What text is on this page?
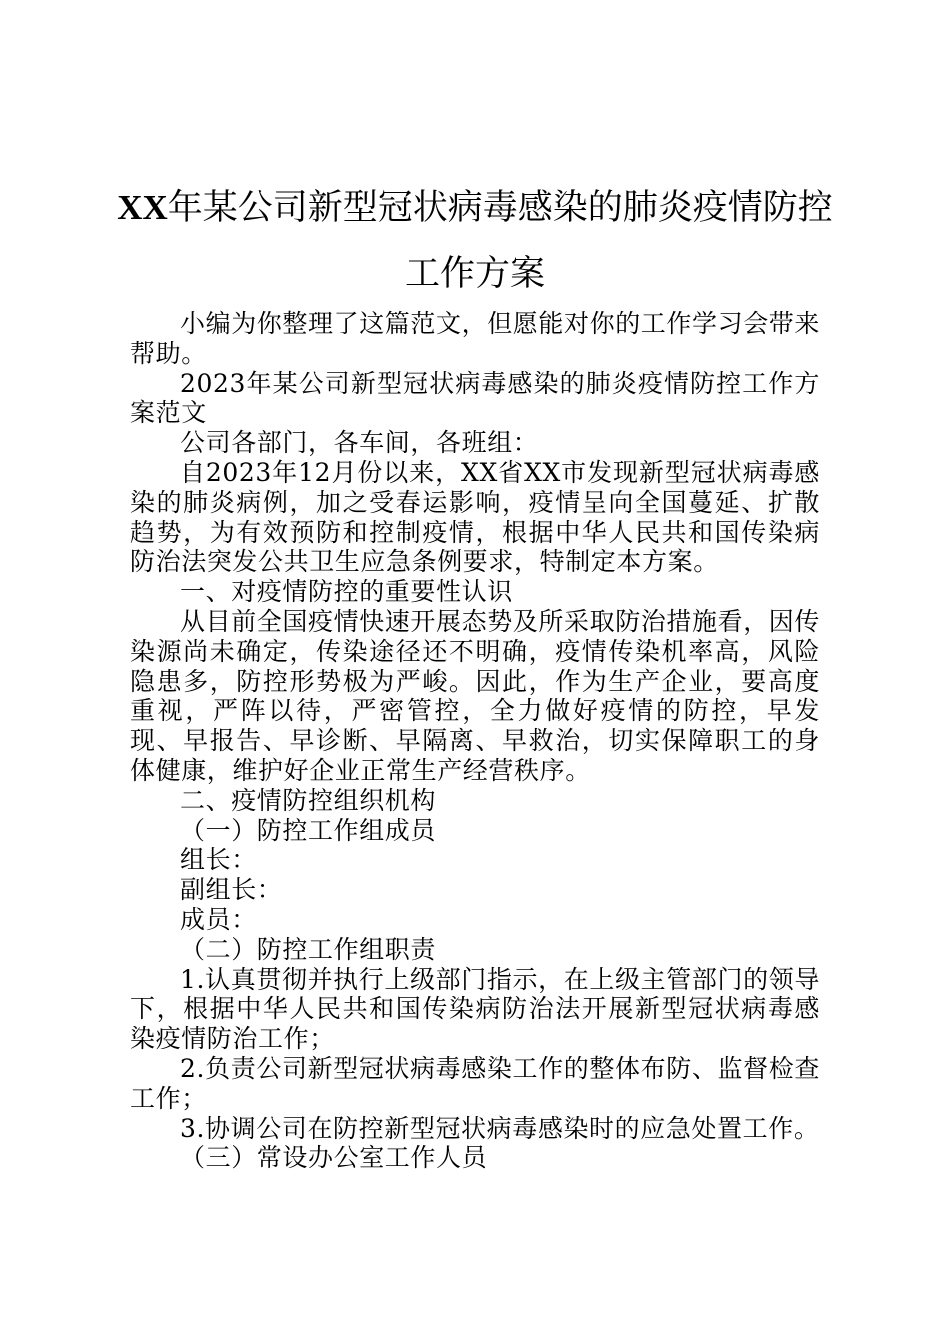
XX年某公司新型冠状病毒感染的肺炎疫情防控工作方案

小编为你整理了这篇范文，但愿能对你的工作学习会带来帮助。

2023年某公司新型冠状病毒感染的肺炎疫情防控工作方案范文

公司各部门，各车间，各班组：

自2023年12月份以来，XX省XX市发现新型冠状病毒感染的肺炎病例，加之受春运影响，疫情呈向全国蔓延、扩散趋势，为有效预防和控制疫情，根据中华人民共和国传染病防治法突发公共卫生应急条例要求，特制定本方案。

一、对疫情防控的重要性认识

从目前全国疫情快速开展态势及所采取防治措施看，因传染源尚未确定，传染途径还不明确，疫情传染机率高，风险隐患多，防控形势极为严峻。因此，作为生产企业，要高度重视，严阵以待，严密管控，全力做好疫情的防控，早发现、早报告、早诊断、早隔离、早救治，切实保障职工的身体健康，维护好企业正常生产经营秩序。

二、疫情防控组织机构

（一）防控工作组成员

组长：

副组长：

成员：

（二）防控工作组职责

1.认真贯彻并执行上级部门指示，在上级主管部门的领导下，根据中华人民共和国传染病防治法开展新型冠状病毒感染疫情防治工作；

2.负责公司新型冠状病毒感染工作的整体布防、监督检查工作；

3.协调公司在防控新型冠状病毒感染时的应急处置工作。

（三）常设办公室工作人员
